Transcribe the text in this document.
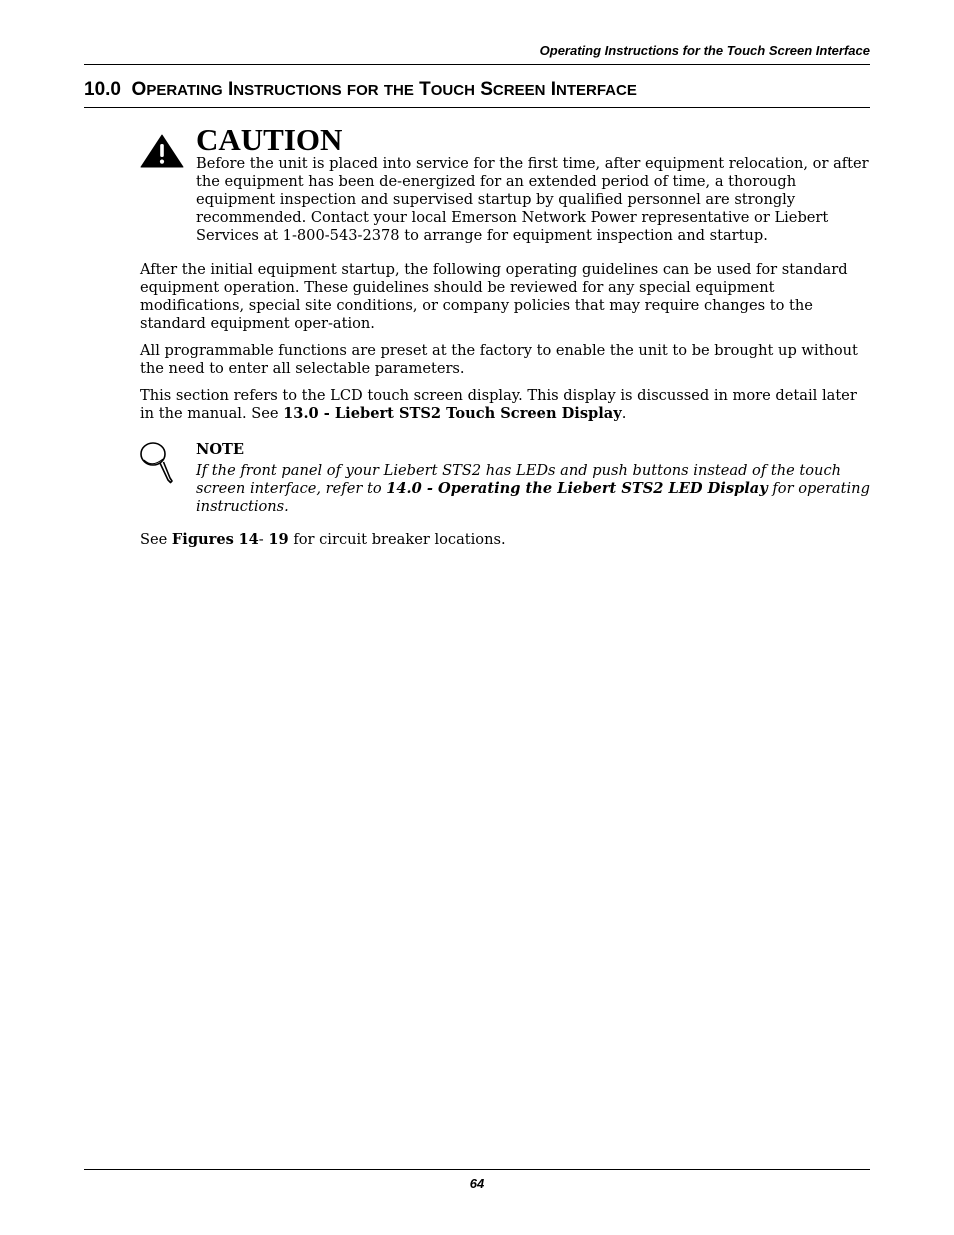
Operating Instructions for the Touch Screen Interface
10.0 OPERATING INSTRUCTIONS FOR THE TOUCH SCREEN INTERFACE
CAUTION

Before the unit is placed into service for the first time, after equipment relocation, or after the equipment has been de-energized for an extended period of time, a thorough equipment inspection and supervised startup by qualified personnel are strongly recommended. Contact your local Emerson Network Power representative or Liebert Services at 1-800-543-2378 to arrange for equipment inspection and startup.

After the initial equipment startup, the following operating guidelines can be used for standard equipment operation. These guidelines should be reviewed for any special equipment modifications, special site conditions, or company policies that may require changes to the standard equipment oper-ation.

All programmable functions are preset at the factory to enable the unit to be brought up without the need to enter all selectable parameters.

This section refers to the LCD touch screen display. This display is discussed in more detail later in the manual. See 13.0 - Liebert STS2 Touch Screen Display.

NOTE

If the front panel of your Liebert STS2 has LEDs and push buttons instead of the touch screen interface, refer to 14.0 - Operating the Liebert STS2 LED Display for operating instructions.

See Figures 14- 19 for circuit breaker locations.

64
